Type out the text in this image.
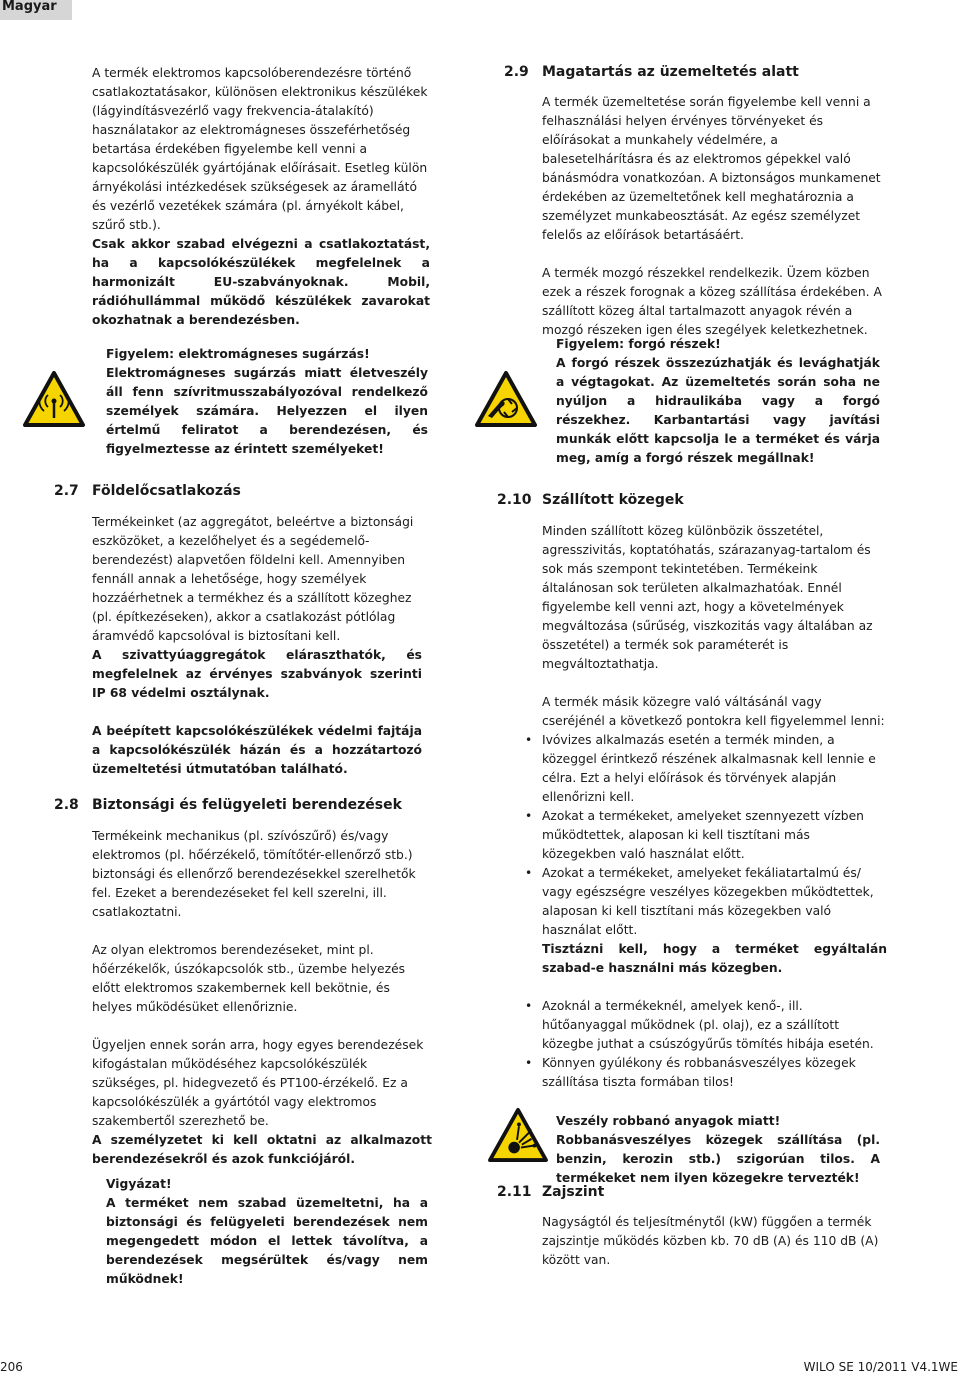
Magyar

A termék elektromos kapcsolóberendezésre történő csatlakoztatásakor, különösen elektronikus készülékek (lágyindításvezérlő vagy frekvencia-átalakító) használatakor az elektromágneses összeférhetőség betartása érdekében figyelembe kell venni a kapcsolókészülék gyártójának előírásait. Esetleg külön árnyékolási intézkedések szükségesek az áramellátó és vezérlő vezetékek számára (pl. árnyékolt kábel, szűrő stb.).

Csak akkor szabad elvégezni a csatlakoztatást, ha a kapcsolókészülékek megfelelnek a harmonizált EU-szabványoknak. Mobil, rádióhullámmal működő készülékek zavarokat okozhatnak a berendezésben.

Figyelem: elektromágneses sugárzás!

Elektromágneses sugárzás miatt életveszély áll fenn szívritmusszabályozóval rendelkező személyek számára. Helyezzen el ilyen értelmű feliratot a berendezésen, és figyelmeztesse az érintett személyeket!

2.7 Földelőcsatlakozás

Termékeinket (az aggregátot, beleértve a biztonsági eszközöket, a kezelőhelyet és a segédemelő-berendezést) alapvetően földelni kell. Amennyiben fennáll annak a lehetősége, hogy személyek hozzáérhetnek a termékhez és a szállított közeghez (pl. építkezéseken), akkor a csatlakozást pótlólag áramvédő kapcsolóval is biztosítani kell.

A szivattyúaggregátok eláraszthatók, és megfelelnek az érvényes szabványok szerinti IP 68 védelmi osztálynak.

A beépített kapcsolókészülékek védelmi fajtája a kapcsolókészülék házán és a hozzátartozó üzemeltetési útmutatóban található.

2.8 Biztonsági és felügyeleti berendezések

Termékeink mechanikus (pl. szívószűrő) és/vagy elektromos (pl. hőérzékelő, tömítőtér-ellenőrző stb.) biztonsági és ellenőrző berendezésekkel szerelhetők fel. Ezeket a berendezéseket fel kell szerelni, ill. csatlakoztatni.

Az olyan elektromos berendezéseket, mint pl. hőérzékelők, úszókapcsolók stb., üzembe helyezés előtt elektromos szakembernek kell bekötnie, és helyes működésüket ellenőriznie.

Ügyeljen ennek során arra, hogy egyes berendezések kifogástalan működéséhez kapcsolókészülék szükséges, pl. hidegvezető és PT100-érzékelő. Ez a kapcsolókészülék a gyártótól vagy elektromos szakembertől szerezhető be.

A személyzetet ki kell oktatni az alkalmazott berendezésekről és azok funkciójáról.

Vigyázat!

A terméket nem szabad üzemeltetni, ha a biztonsági és felügyeleti berendezések nem megengedett módon el lettek távolítva, a berendezések megsérültek és/vagy nem működnek!

2.9 Magatartás az üzemeltetés alatt

A termék üzemeltetése során figyelembe kell venni a felhasználási helyen érvényes törvényeket és előírásokat a munkahely védelmére, a balesetelhárításra és az elektromos gépekkel való bánásmódra vonatkozóan. A biztonságos munkamenet érdekében az üzemeltetőnek kell meghatároznia a személyzet munkabeosztását. Az egész személyzet felelős az előírások betartásáért.

A termék mozgó részekkel rendelkezik. Üzem közben ezek a részek forognak a közeg szállítása érdekében. A szállított közeg által tartalmazott anyagok révén a mozgó részeken igen éles szegélyek keletkezhetnek.

Figyelem: forgó részek!

A forgó részek összezúzhatják és levághatják a végtagokat. Az üzemeltetés során soha ne nyúljon a hidraulikába vagy a forgó részekhez. Karbantartási vagy javítási munkák előtt kapcsolja le a terméket és várja meg, amíg a forgó részek megállnak!

2.10 Szállított közegek

Minden szállított közeg különbözik összetétel, agresszivitás, koptatóhatás, szárazanyag-tartalom és sok más szempont tekintetében. Termékeink általánosan sok területen alkalmazhatóak. Ennél figyelembe kell venni azt, hogy a követelmények megváltozása (sűrűség, viszkozitás vagy általában az összetétel) a termék sok paraméterét is megváltoztathatja.

A termék másik közegre való váltásánál vagy cseréjénél a következő pontokra kell figyelemmel lenni:

• Ivóvizes alkalmazás esetén a termék minden, a közeggel érintkező részének alkalmasnak kell lennie e célra. Ezt a helyi előírások és törvények alapján ellenőrizni kell.
• Azokat a termékeket, amelyeket szennyezett vízben működtettek, alaposan ki kell tisztítani más közegekben való használat előtt.
• Azokat a termékeket, amelyeket fekáliatartalmú és/ vagy egészségre veszélyes közegekben működtettek, alaposan ki kell tisztítani más közegekben való használat előtt.

Tisztázni kell, hogy a terméket egyáltalán szabad-e használni más közegben.

• Azoknál a termékeknél, amelyek kenő-, ill. hűtőanyaggal működnek (pl. olaj), ez a szállított közegbe juthat a csúszógyűrűs tömítés hibája esetén.
• Könnyen gyúlékony és robbanásveszélyes közegek szállítása tiszta formában tilos!

Veszély robbanó anyagok miatt!

Robbanásveszélyes közegek szállítása (pl. benzin, kerozin stb.) szigorúan tilos. A termékeket nem ilyen közegekre tervezték!

2.11 Zajszint

Nagyságtól és teljesítménytől (kW) függően a termék zajszintje működés közben kb. 70 dB (A) és 110 dB (A) között van.

206	WILO SE 10/2011 V4.1WE
